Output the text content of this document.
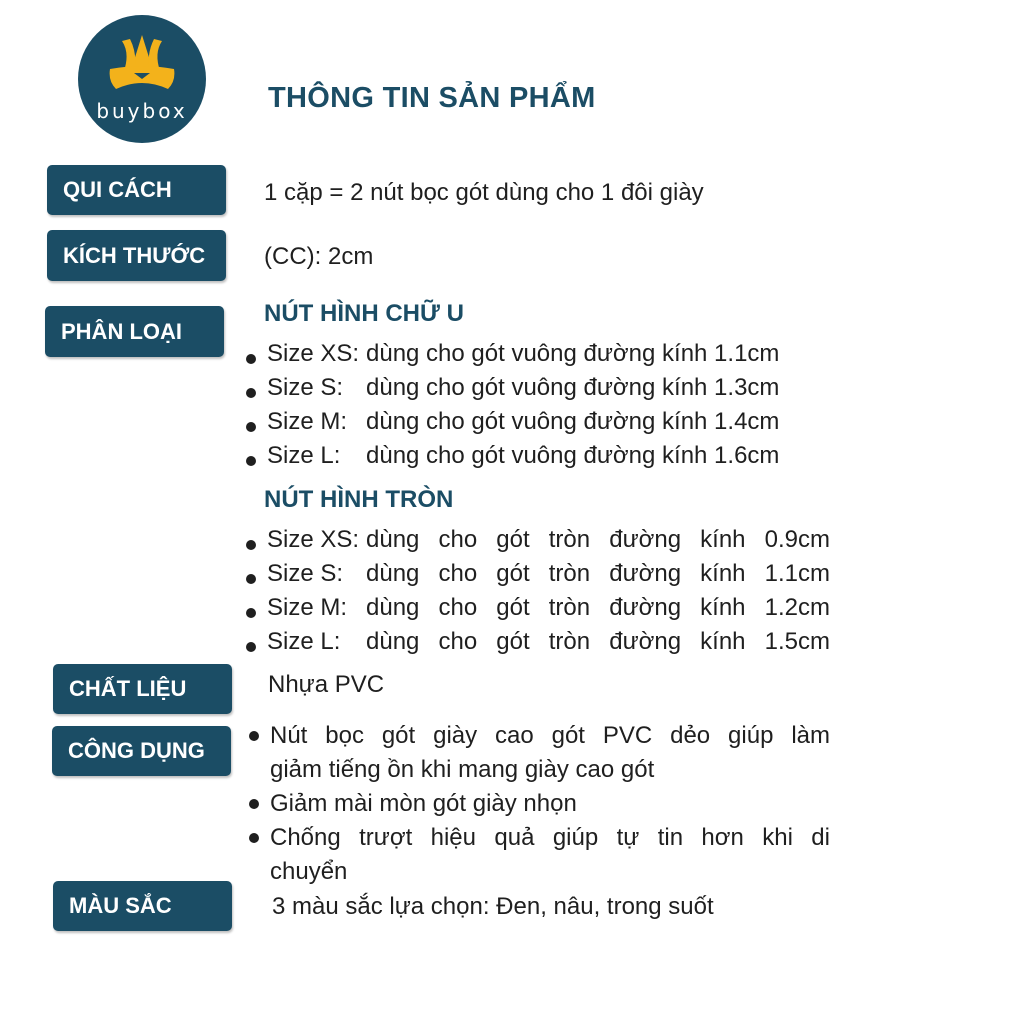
buybox	THÔNG TIN SẢN PHẨM
QUI CÁCH	1 cặp = 2 nút bọc gót dùng cho 1 đôi giày
KÍCH THƯỚC	(CC): 2cm
PHÂN LOẠI
NÚT HÌNH CHỮ U
Size XS: dùng cho gót vuông đường kính 1.1cm
Size S: dùng cho gót vuông đường kính 1.3cm
Size M: dùng cho gót vuông đường kính 1.4cm
Size L: dùng cho gót vuông đường kính 1.6cm
NÚT HÌNH TRÒN
Size XS: dùng cho gót tròn đường kính 0.9cm
Size S: dùng cho gót tròn đường kính 1.1cm
Size M: dùng cho gót tròn đường kính 1.2cm
Size L: dùng cho gót tròn đường kính 1.5cm
CHẤT LIỆU	Nhựa PVC
CÔNG DỤNG
Nút bọc gót giày cao gót PVC dẻo giúp làm
giảm tiếng ồn khi mang giày cao gót
Giảm mài mòn gót giày nhọn
Chống trượt hiệu quả giúp tự tin hơn khi di
chuyển
MÀU SẮC	3 màu sắc lựa chọn: Đen, nâu, trong suốt
